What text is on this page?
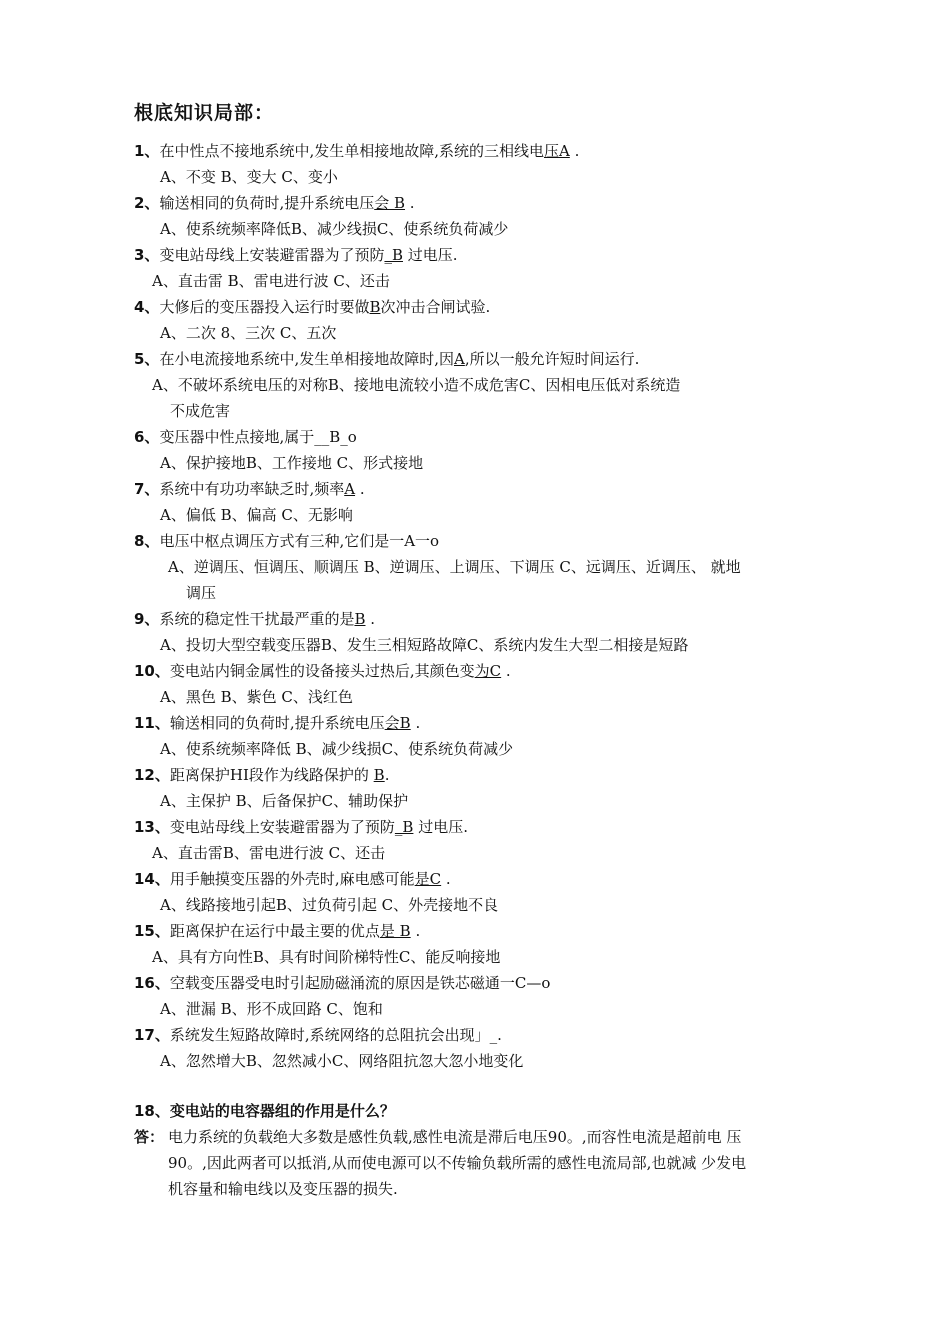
根底知识局部：
1、在中性点不接地系统中,发生单相接地故障,系统的三相线电压A .
A、不变 B、变大 C、变小
2、输送相同的负荷时,提升系统电压会 B .
A、使系统频率降低B、减少线损C、使系统负荷减少
3、变电站母线上安装避雷器为了预防_B 过电压.
A、直击雷 B、雷电进行波 C、还击
4、大修后的变压器投入运行时要做B次冲击合闸试验.
A、二次 8、三次 C、五次
5、在小电流接地系统中,发生单相接地故障时,因A,所以一般允许短时间运行.
A、不破坏系统电压的对称B、接地电流较小造不成危害C、因相电压低对系统造
不成危害
6、变压器中性点接地,属于__B_o
A、保护接地B、工作接地 C、形式接地
7、系统中有功功率缺乏时,频率A .
A、偏低 B、偏高 C、无影响
8、电压中枢点调压方式有三种,它们是一A一o
A、逆调压、恒调压、顺调压 B、逆调压、上调压、下调压 C、远调压、近调压、 就地
调压
9、系统的稳定性干扰最严重的是B .
A、投切大型空载变压器B、发生三相短路故障C、系统内发生大型二相接是短路
10、变电站内铜金属性的设备接头过热后,其颜色变为C .
A、黑色 B、紫色 C、浅红色
11、输送相同的负荷时,提升系统电压会B .
A、使系统频率降低 B、减少线损C、使系统负荷减少
12、距离保护HI段作为线路保护的 B.
A、主保护 B、后备保护C、辅助保护
13、变电站母线上安装避雷器为了预防_B 过电压.
A、直击雷B、雷电进行波 C、还击
14、用手触摸变压器的外壳时,麻电感可能是C .
A、线路接地引起B、过负荷引起 C、外壳接地不良
15、距离保护在运行中最主要的优点是 B .
A、具有方向性B、具有时间阶梯特性C、能反响接地
16、空载变压器受电时引起励磁涌流的原因是铁芯磁通一C—o
A、泄漏 B、形不成回路 C、饱和
17、系统发生短路故障时,系统网络的总阻抗会出现」_.
A、忽然增大B、忽然减小C、网络阻抗忽大忽小地变化
18、变电站的电容器组的作用是什么？
答： 电力系统的负载绝大多数是感性负载,感性电流是滞后电压90。,而容性电流是超前电 压
90。,因此两者可以抵消,从而使电源可以不传输负载所需的感性电流局部,也就减 少发电
机容量和输电线以及变压器的损失.
